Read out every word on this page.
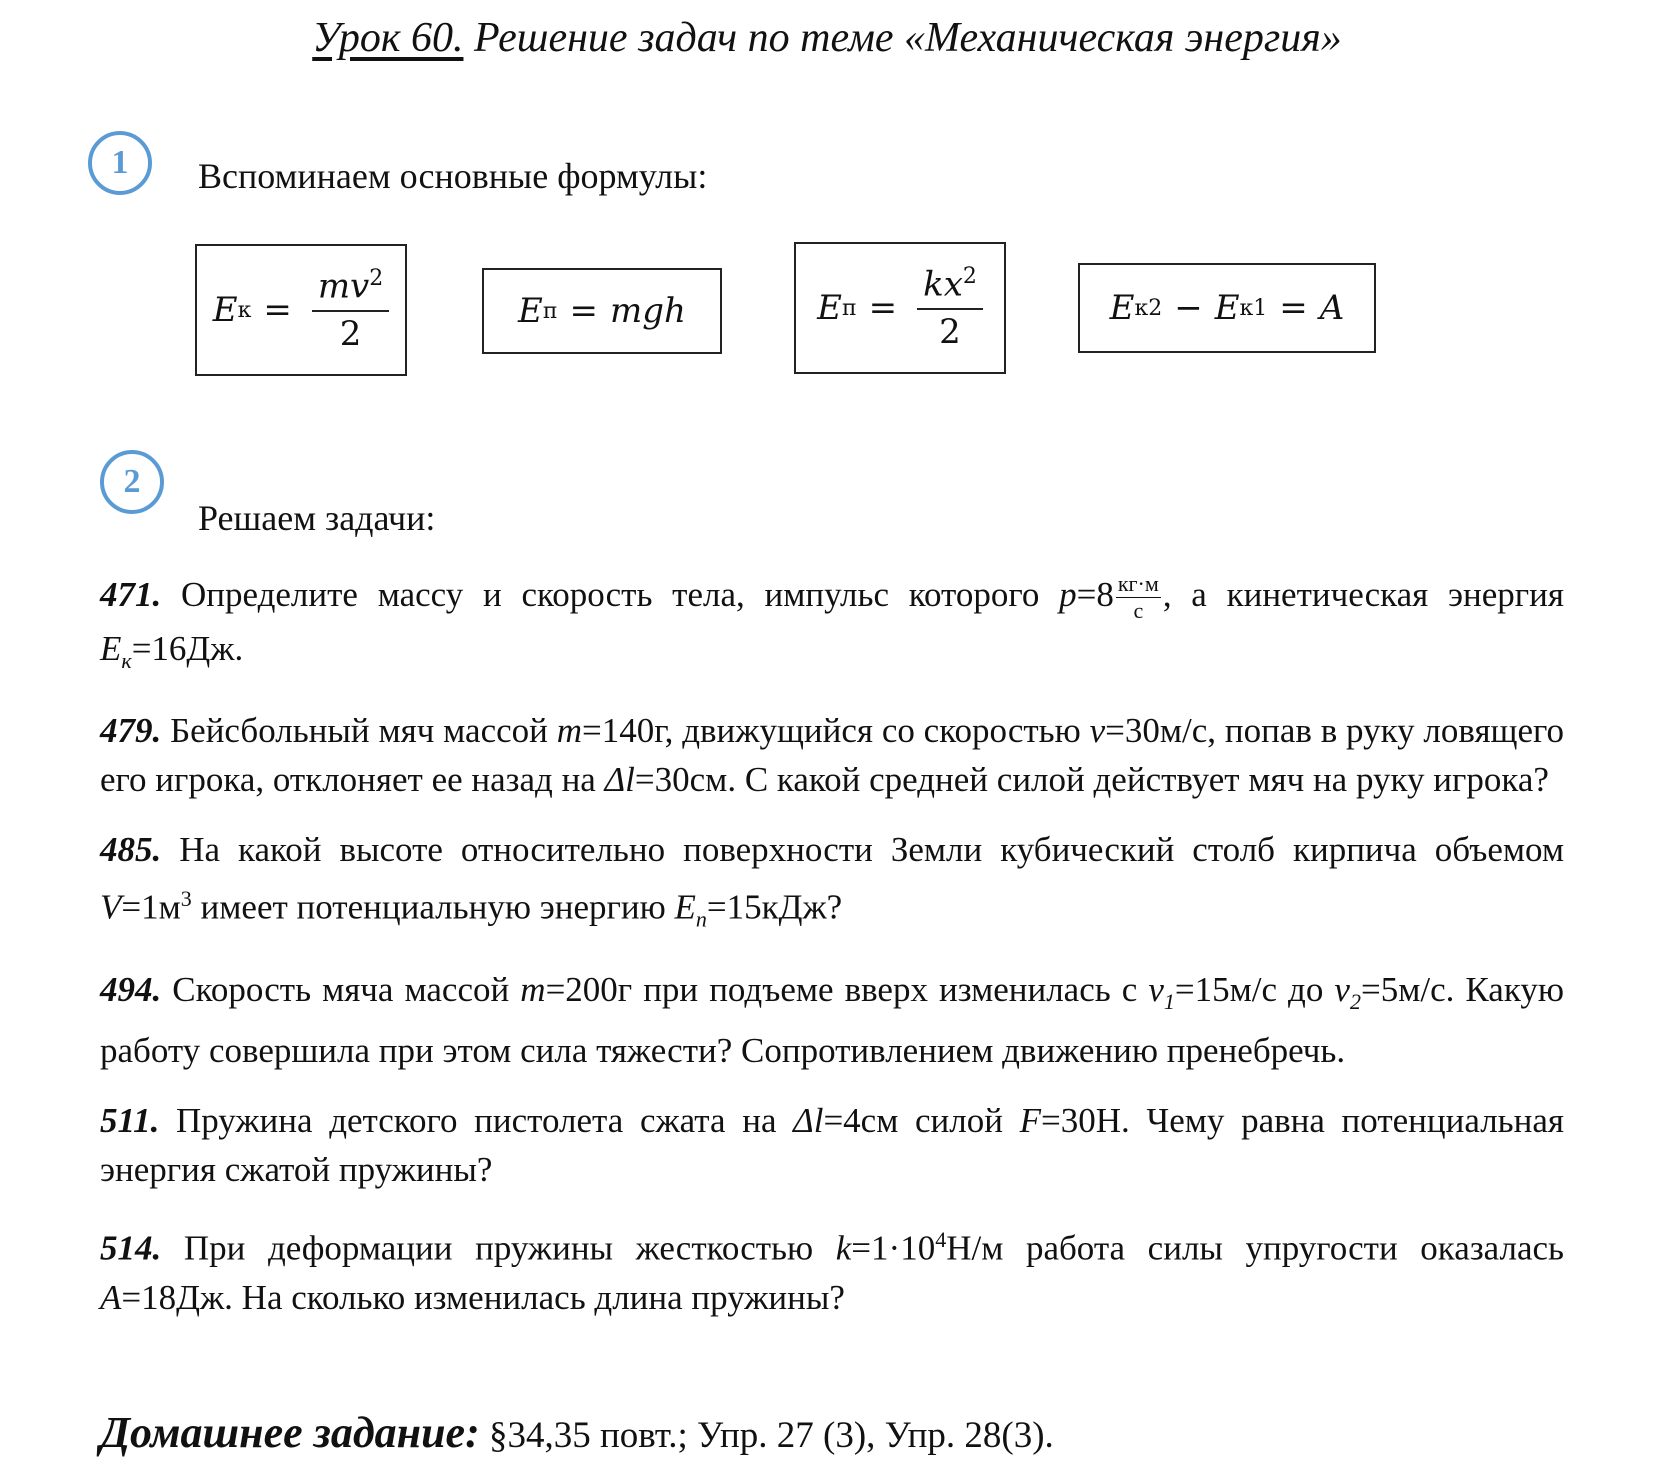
Урок 60. Решение задач по теме «Механическая энергия»
1 Вспоминаем основные формулы:
E $к = \frac{mv^2}{2}$	E п = mgh	E $п = \frac{kx^2}{2}$	E к2 − E к1 = A
2
Решаем задачи:
471. Определите массу и скорость тела, импульс которого p=8 кг·м
с , а кинетическая энергия $E_к=16Дж$.
479. Бейсбольный мяч массой m=140г, движущийся со скоростью v=30м/с, попав в руку ловящего его игрока, отклоняет ее назад на Δl=30см. С какой средней силой действует мяч на руку игрока?
485. На какой высоте относительно поверхности Земли кубический столб кирпича объемом $V=1м^3$ имеет потенциальную энергию $E_п=15кДж$?
494. Скорость мяча массой m=200г при подъеме вверх изменилась с $v_1=15м/с$ до $v_2=5м/с$. Какую работу совершила при этом сила тяжести? Сопротивлением движению пренебречь.
511. Пружина детского пистолета сжата на Δl=4см силой F=30Н. Чему равна потенциальная энергия сжатой пружины?
514. При деформации пружины жесткостью $k=1\cdot 10^4Н/м$ работа силы упругости оказалась A=18Дж. На сколько изменилась длина пружины?
Домашнее задание: §34,35 повт.; Упр. 27 (3), Упр. 28(3).
